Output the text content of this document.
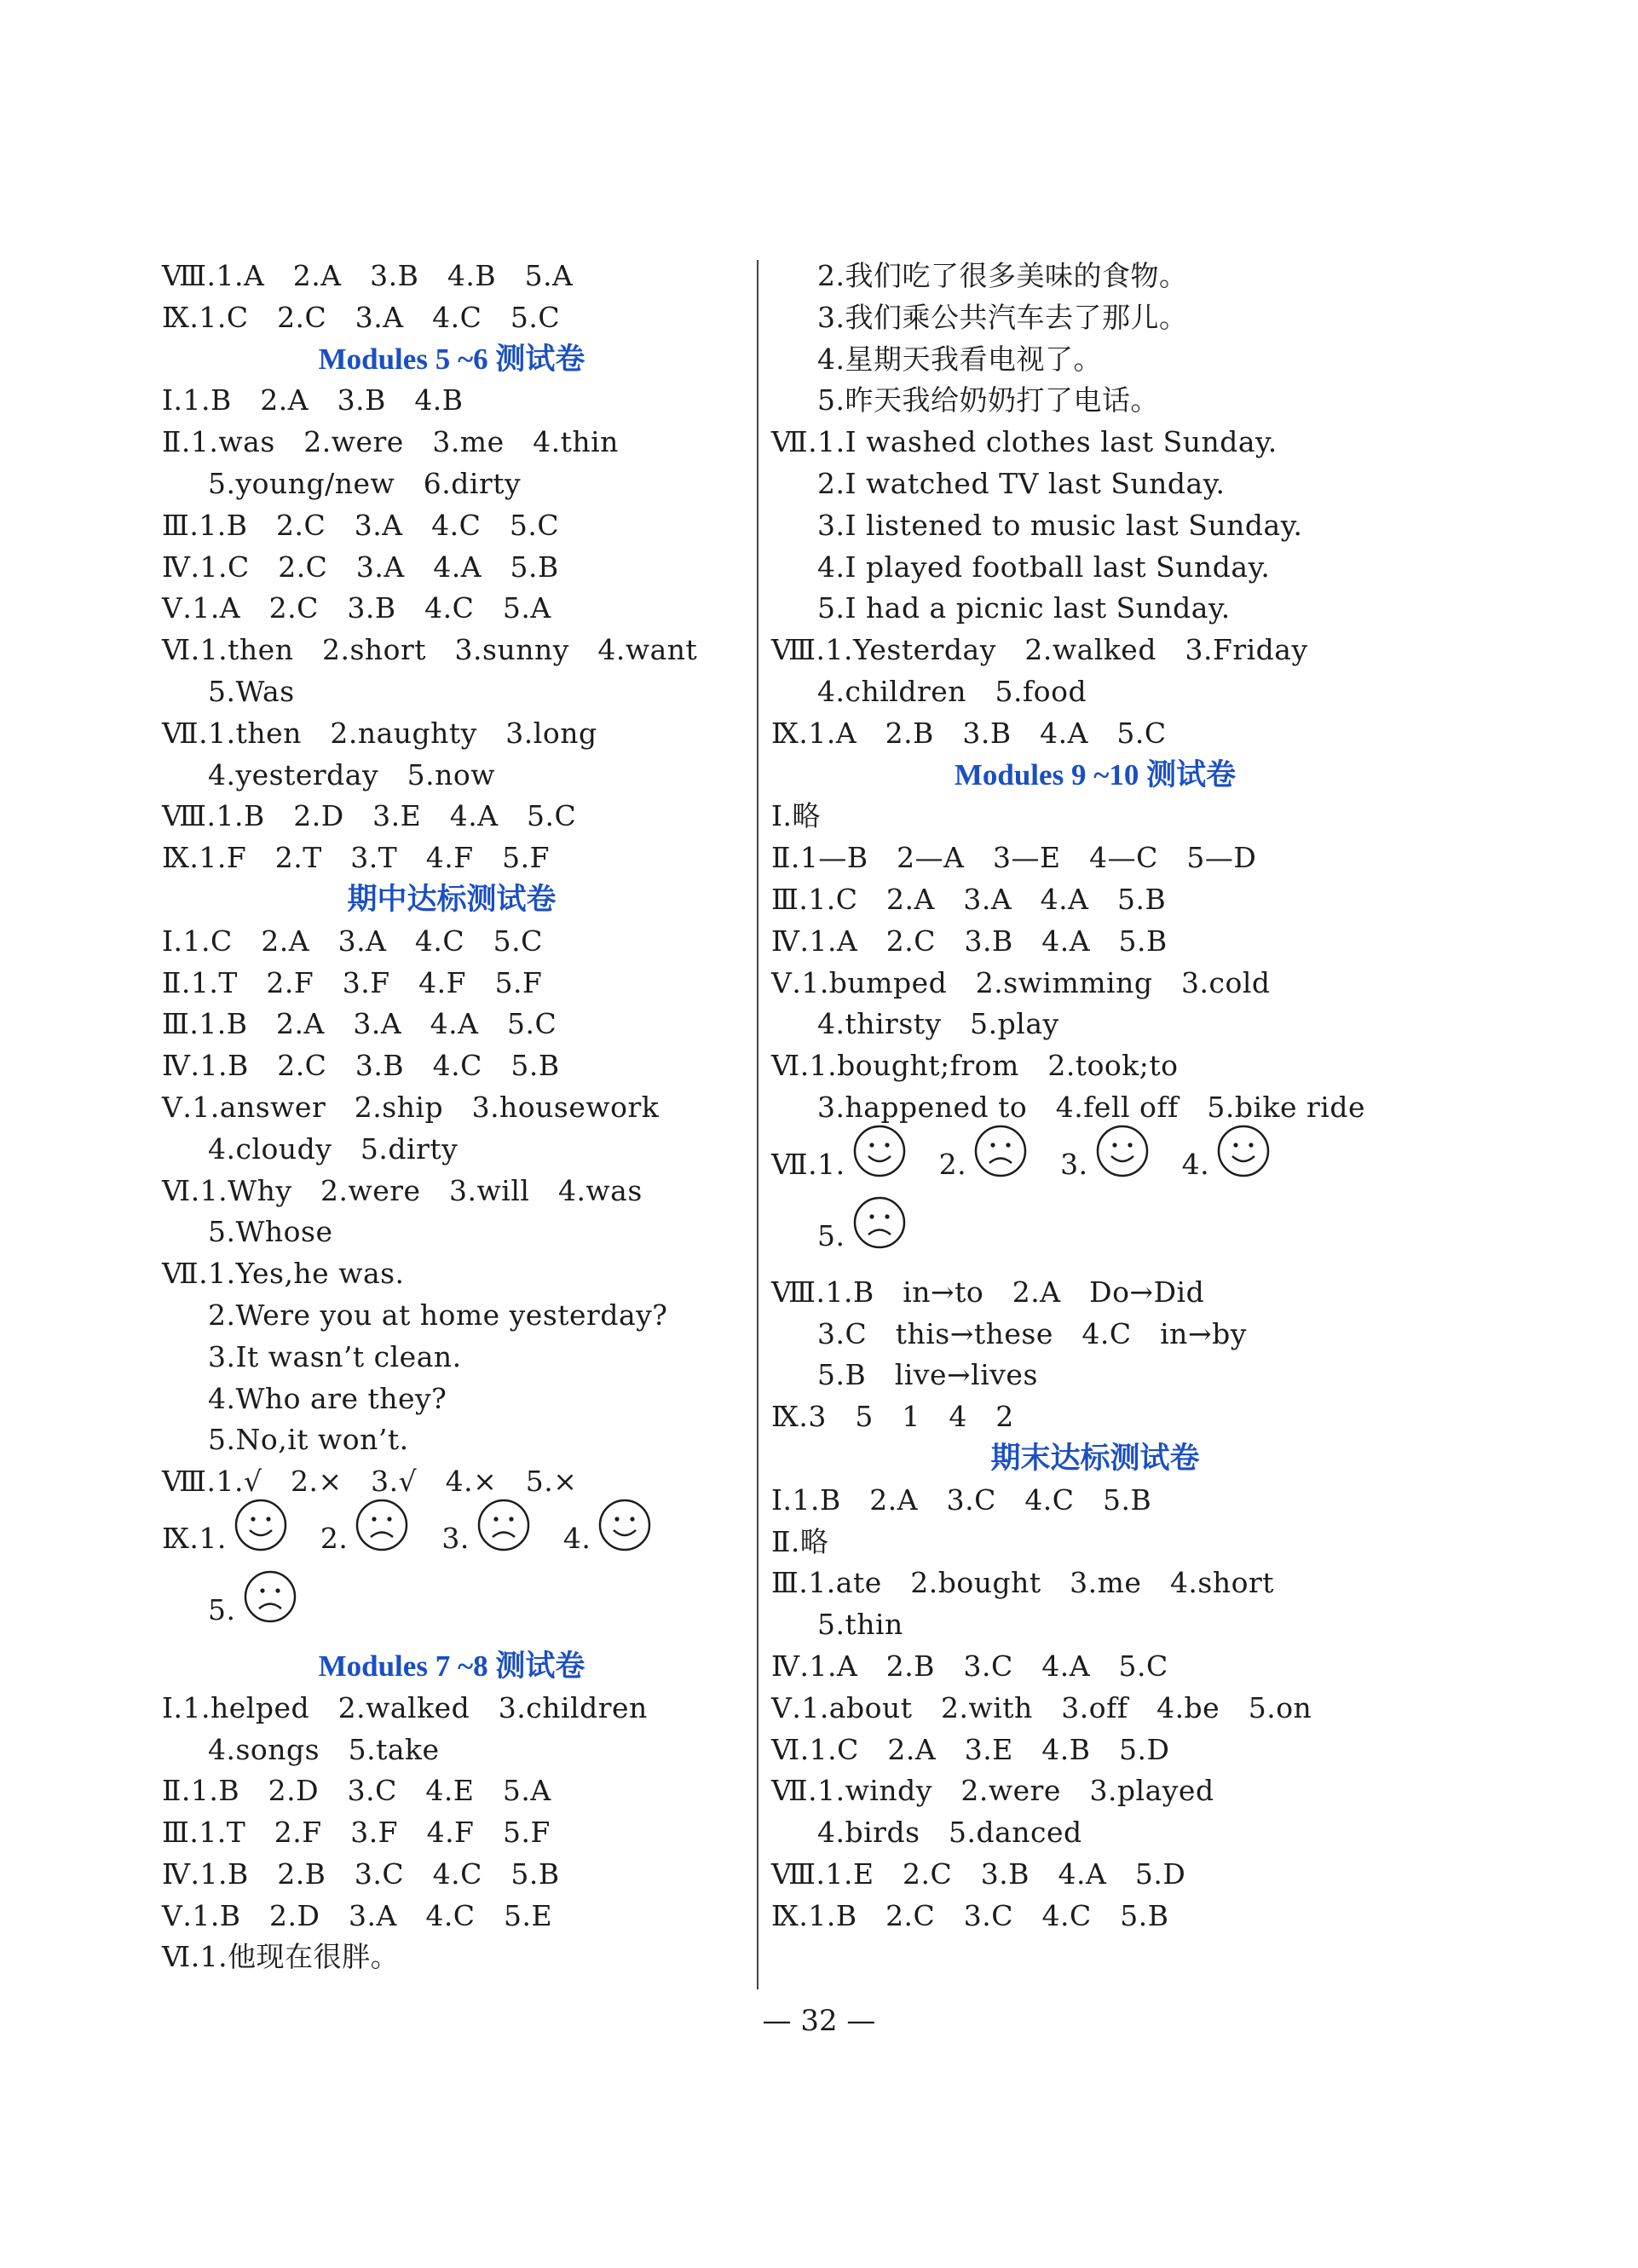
Ⅷ.1.A　2.A　3.B　4.B　5.A
Ⅸ.1.C　2.C　3.A　4.C　5.C
Modules 5 ~6 测试卷
Ⅰ.1.B　2.A　3.B　4.B
Ⅱ.1.was　2.were　3.me　4.thin
5.young/new　6.dirty
Ⅲ.1.B　2.C　3.A　4.C　5.C
Ⅳ.1.C　2.C　3.A　4.A　5.B
Ⅴ.1.A　2.C　3.B　4.C　5.A
Ⅵ.1.then　2.short　3.sunny　4.want
5.Was
Ⅶ.1.then　2.naughty　3.long
4.yesterday　5.now
Ⅷ.1.B　2.D　3.E　4.A　5.C
Ⅸ.1.F　2.T　3.T　4.F　5.F
期中达标测试卷
Ⅰ.1.C　2.A　3.A　4.C　5.C
Ⅱ.1.T　2.F　3.F　4.F　5.F
Ⅲ.1.B　2.A　3.A　4.A　5.C
Ⅳ.1.B　2.C　3.B　4.C　5.B
Ⅴ.1.answer　2.ship　3.housework
4.cloudy　5.dirty
Ⅵ.1.Why　2.were　3.will　4.was
5.Whose
Ⅶ.1.Yes,he was.
2.Were you at home yesterday?
3.It wasn’t clean.
4.Who are they?
5.No,it won’t.
Ⅷ.1.√　2.×　3.√　4.×　5.×
Ⅸ. 1.	2.	3.	4.
5.
Modules 7 ~8 测试卷
Ⅰ.1.helped　2.walked　3.children
4.songs　5.take
Ⅱ.1.B　2.D　3.C　4.E　5.A
Ⅲ.1.T　2.F　3.F　4.F　5.F
Ⅳ.1.B　2.B　3.C　4.C　5.B
Ⅴ.1.B　2.D　3.A　4.C　5.E
Ⅵ.1.他现在很胖。
2.我们吃了很多美味的食物。
3.我们乘公共汽车去了那儿。
4.星期天我看电视了。
5.昨天我给奶奶打了电话。
Ⅶ.1.I washed clothes last Sunday.
2.I watched TV last Sunday.
3.I listened to music last Sunday.
4.I played football last Sunday.
5.I had a picnic last Sunday.
Ⅷ.1.Yesterday　2.walked　3.Friday
4.children　5.food
Ⅸ.1.A　2.B　3.B　4.A　5.C
Modules 9 ~10 测试卷
Ⅰ.略
Ⅱ.1—B　2—A　3—E　4—C　5—D
Ⅲ.1.C　2.A　3.A　4.A　5.B
Ⅳ.1.A　2.C　3.B　4.A　5.B
Ⅴ.1.bumped　2.swimming　3.cold
4.thirsty　5.play
Ⅵ.1.bought;from　2.took;to
3.happened to　4.fell off　5.bike ride
Ⅶ. 1.	2.	3.	4.
5.
Ⅷ.1.B　in→to　2.A　Do→Did
3.C　this→these　4.C　in→by
5.B　live→lives
Ⅸ.3　5　1　4　2
期末达标测试卷
Ⅰ.1.B　2.A　3.C　4.C　5.B
Ⅱ.略
Ⅲ.1.ate　2.bought　3.me　4.short
5.thin
Ⅳ.1.A　2.B　3.C　4.A　5.C
Ⅴ.1.about　2.with　3.off　4.be　5.on
Ⅵ.1.C　2.A　3.E　4.B　5.D
Ⅶ.1.windy　2.were　3.played
4.birds　5.danced
Ⅷ.1.E　2.C　3.B　4.A　5.D
Ⅸ.1.B　2.C　3.C　4.C　5.B
— 32 —
